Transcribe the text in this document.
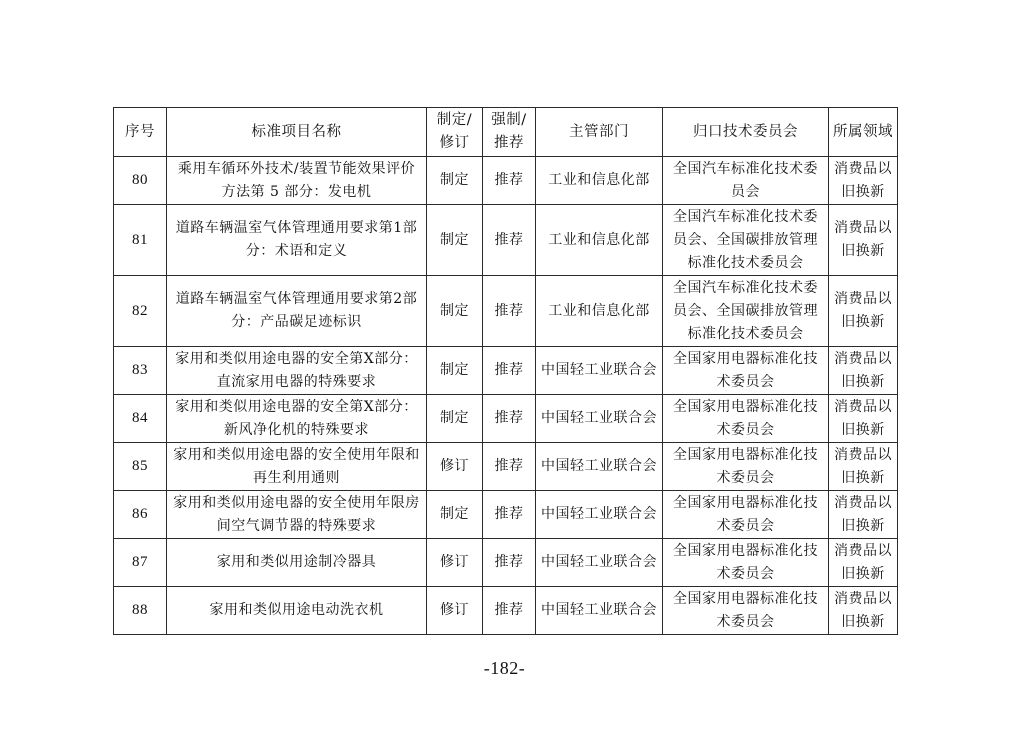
序号	标准项目名称	制定/修订	强制/推荐	主管部门	归口技术委员会	所属领域
80	乘用车循环外技术/装置节能效果评价方法第 5 部分：发电机	制定	推荐	工业和信息化部	全国汽车标准化技术委员会	消费品以旧换新
81	道路车辆温室气体管理通用要求第1部分：术语和定义	制定	推荐	工业和信息化部	全国汽车标准化技术委员会、全国碳排放管理标准化技术委员会	消费品以旧换新
82	道路车辆温室气体管理通用要求第2部分：产品碳足迹标识	制定	推荐	工业和信息化部	全国汽车标准化技术委员会、全国碳排放管理标准化技术委员会	消费品以旧换新
83	家用和类似用途电器的安全第X部分：直流家用电器的特殊要求	制定	推荐	中国轻工业联合会	全国家用电器标准化技术委员会	消费品以旧换新
84	家用和类似用途电器的安全第X部分：新风净化机的特殊要求	制定	推荐	中国轻工业联合会	全国家用电器标准化技术委员会	消费品以旧换新
85	家用和类似用途电器的安全使用年限和再生利用通则	修订	推荐	中国轻工业联合会	全国家用电器标准化技术委员会	消费品以旧换新
86	家用和类似用途电器的安全使用年限房间空气调节器的特殊要求	制定	推荐	中国轻工业联合会	全国家用电器标准化技术委员会	消费品以旧换新
87	家用和类似用途制冷器具	修订	推荐	中国轻工业联合会	全国家用电器标准化技术委员会	消费品以旧换新
88	家用和类似用途电动洗衣机	修订	推荐	中国轻工业联合会	全国家用电器标准化技术委员会	消费品以旧换新
-182-
